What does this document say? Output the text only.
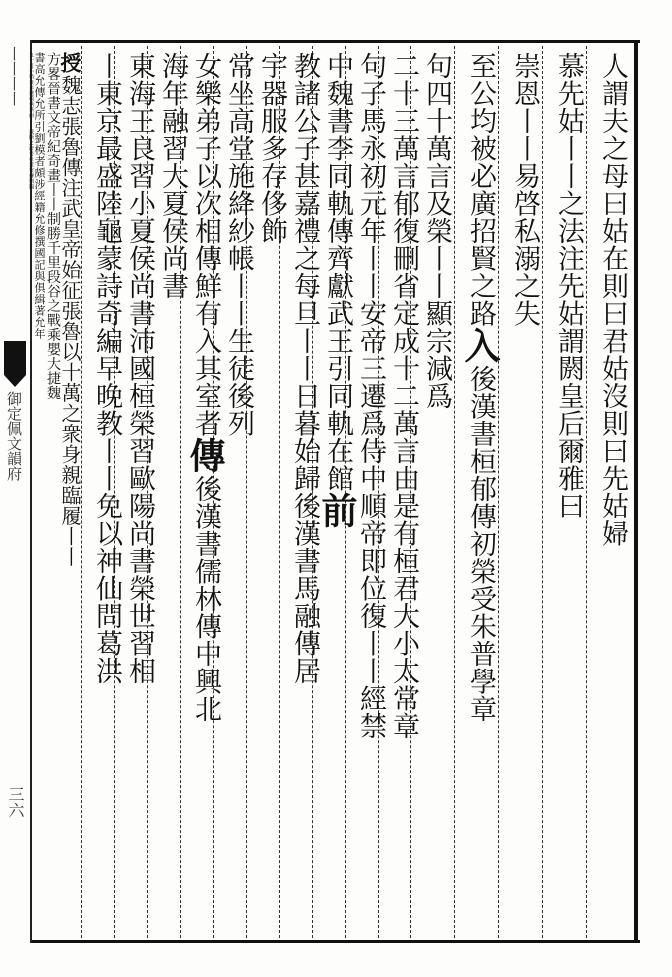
丨丨丨丨
御定佩文韻府
三六
人謂夫之母曰姑在則曰君姑沒則曰先姑婦
慕先姑丨丨之法注先姑謂閼皇后爾雅曰
崇恩丨丨易啓私溺之失
至公均被必廣招賢之路入後漢書桓郁傳初榮受朱普學章
句四十萬言及榮丨丨顯宗減爲
二十三萬言郁復刪省定成十二萬言由是有桓君大小太常章
句子馬永初元年丨丨安帝三遷爲侍中順帝即位復丨丨經禁
中魏書李同軌傳齊獻武王引同軌在館前
教諸公子甚嘉禮之每旦丨丨日暮始歸後漢書馬融傳居
宇器服多存侈飾
常坐高堂施絳紗帳丨丨生徒後列
女樂弟子以次相傳鮮有入其室者傳後漢書儒林傳中興北
海年融習大夏侯尚書
東海王良習小夏侯尚書沛國桓榮習歐陽尚書榮世習相
丨東京最盛陸龜蒙詩奇編早晚教丨丨免以神仙問葛洪
授魏志張魯傳注武皇帝始征張魯以十萬之衆身親臨履丨丨
方畧晉書文帝紀奇畫丨丨制勝千里段谷之戰乘嬰大捷魏
書高允傳允所引劉模者頗涉經籍允修撰國記與俱緝著允年
九十目手稍衰多遺模執筆而丨丨裁斷之唐書杜黃裳傳劉闢
